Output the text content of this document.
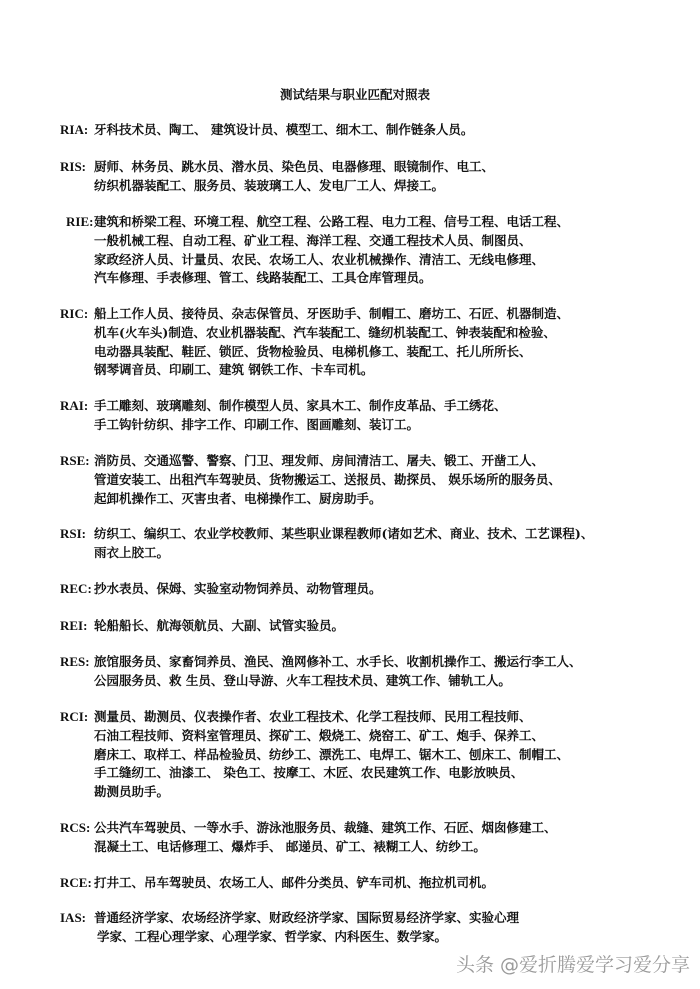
测试结果与职业匹配对照表
RIA: 牙科技术员、陶工、 建筑设计员、模型工、细木工、制作链条人员。
RIS: 厨师、林务员、跳水员、潜水员、染色员、电器修理、眼镜制作、电工、
纺织机器装配工、服务员、装玻璃工人、发电厂工人、焊接工。
RIE: 建筑和桥梁工程、环境工程、航空工程、公路工程、电力工程、信号工程、电话工程、
一般机械工程、自动工程、矿业工程、海洋工程、交通工程技术人员、制图员、
家政经济人员、计量员、农民、农场工人、农业机械操作、清洁工、无线电修理、
汽车修理、手表修理、管工、线路装配工、工具仓库管理员。
RIC: 船上工作人员、接待员、杂志保管员、牙医助手、制帽工、磨坊工、石匠、机器制造、
机车(火车头)制造、农业机器装配、汽车装配工、缝纫机装配工、钟表装配和检验、
电动器具装配、鞋匠、锁匠、货物检验员、电梯机修工、装配工、托儿所所长、
钢琴调音员、印刷工、建筑 钢铁工作、卡车司机。
RAI: 手工雕刻、玻璃雕刻、制作模型人员、家具木工、制作皮革品、手工绣花、
手工钩针纺织、排字工作、印刷工作、图画雕刻、装订工。
RSE: 消防员、交通巡警、警察、门卫、理发师、房间清洁工、屠夫、锻工、开凿工人、
管道安装工、出租汽车驾驶员、货物搬运工、送报员、勘探员、 娱乐场所的服务员、
起卸机操作工、灭害虫者、电梯操作工、厨房助手。
RSI: 纺织工、编织工、农业学校教师、某些职业课程教师(诸如艺术、商业、技术、工艺课程)、
雨衣上胶工。
REC: 抄水表员、保姆、实验室动物饲养员、动物管理员。
REI: 轮船船长、航海领航员、大副、试管实验员。
RES: 旅馆服务员、家畜饲养员、渔民、渔网修补工、水手长、收割机操作工、搬运行李工人、
公园服务员、救 生员、登山导游、火车工程技术员、建筑工作、铺轨工人。
RCI: 测量员、勘测员、仪表操作者、农业工程技术、化学工程技师、民用工程技师、
石油工程技师、资料室管理员、探矿工、煅烧工、烧窑工、矿工、炮手、保养工、
磨床工、取样工、样品检验员、纺纱工、漂洗工、电焊工、锯木工、刨床工、制帽工、
手工缝纫工、油漆工、 染色工、按摩工、木匠、农民建筑工作、电影放映员、
勘测员助手。
RCS: 公共汽车驾驶员、一等水手、游泳池服务员、裁缝、建筑工作、石匠、烟囱修建工、
混凝土工、电话修理工、爆炸手、 邮递员、矿工、裱糊工人、纺纱工。
RCE: 打井工、吊车驾驶员、农场工人、邮件分类员、铲车司机、拖拉机司机。
IAS: 普通经济学家、农场经济学家、财政经济学家、国际贸易经济学家、实验心理
学家、工程心理学家、心理学家、哲学家、内科医生、数学家。
头条 @爱折腾爱学习爱分享
